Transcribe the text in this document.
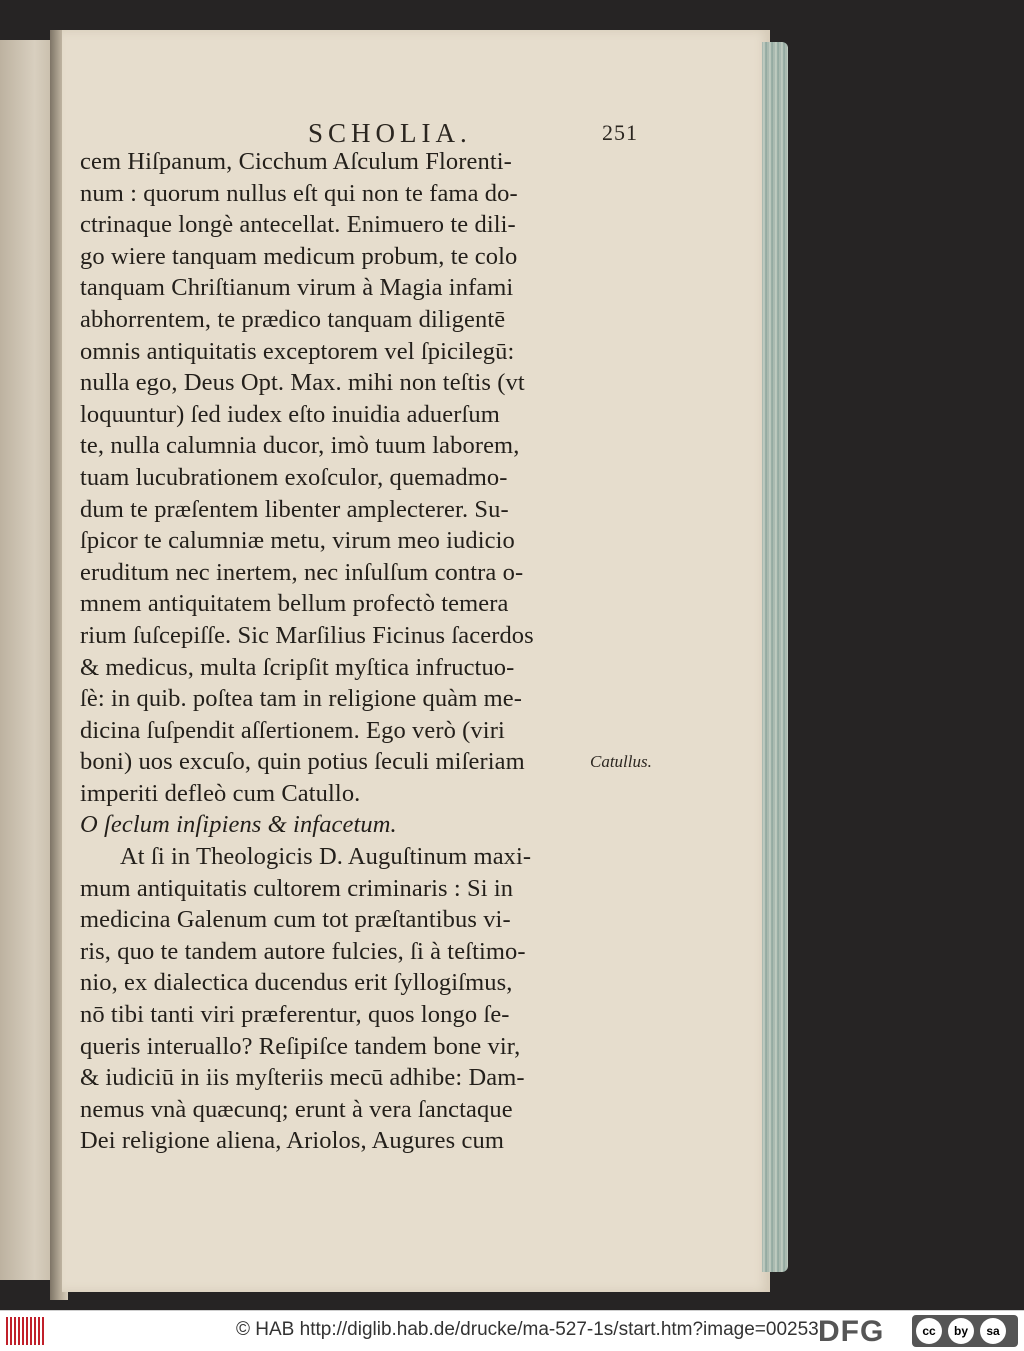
SCHOLIA.	251
cem Hiſpanum, Cicchum Aſculum Florenti-
num : quorum nullus eſt qui non te fama do-
ctrinaque longè antecellat. Enimuero te dili-
go wiere tanquam medicum probum, te colo
tanquam Chriſtianum virum à Magia infami
abhorrentem, te prædico tanquam diligentē
omnis antiquitatis exceptorem vel ſpicilegū:
nulla ego, Deus Opt. Max. mihi non teſtis (vt
loquuntur) ſed iudex eſto inuidia aduerſum
te, nulla calumnia ducor, imò tuum laborem,
tuam lucubrationem exoſculor, quemadmo-
dum te præſentem libenter amplecterer. Su-
ſpicor te calumniæ metu, virum meo iudicio
eruditum nec inertem, nec inſulſum contra o-
mnem antiquitatem bellum profectò temera
rium ſuſcepiſſe. Sic Marſilius Ficinus ſacerdos
& medicus, multa ſcripſit myſtica infructuo-
ſè: in quib. poſtea tam in religione quàm me-
dicina ſuſpendit aſſertionem. Ego verò (viri
boni) uos excuſo, quin potius ſeculi miſeriam
imperiti defleò cum Catullo.
O ſeclum inſipiens & infacetum.
At ſi in Theologicis D. Auguſtinum maxi-
mum antiquitatis cultorem criminaris : Si in
medicina Galenum cum tot præſtantibus vi-
ris, quo te tandem autore fulcies, ſi à teſtimo-
nio, ex dialectica ducendus erit ſyllogiſmus,
nō tibi tanti viri præferentur, quos longo ſe-
queris interuallo? Reſipiſce tandem bone vir,
& iudiciū in iis myſteriis mecū adhibe: Dam-
nemus vnà quæcunq; erunt à vera ſanctaque
Dei religione aliena, Ariolos, Augures cum
Catullus.
© HAB http://diglib.hab.de/drucke/ma-527-1s/start.htm?image=00253 DFG	cc	by	sa
